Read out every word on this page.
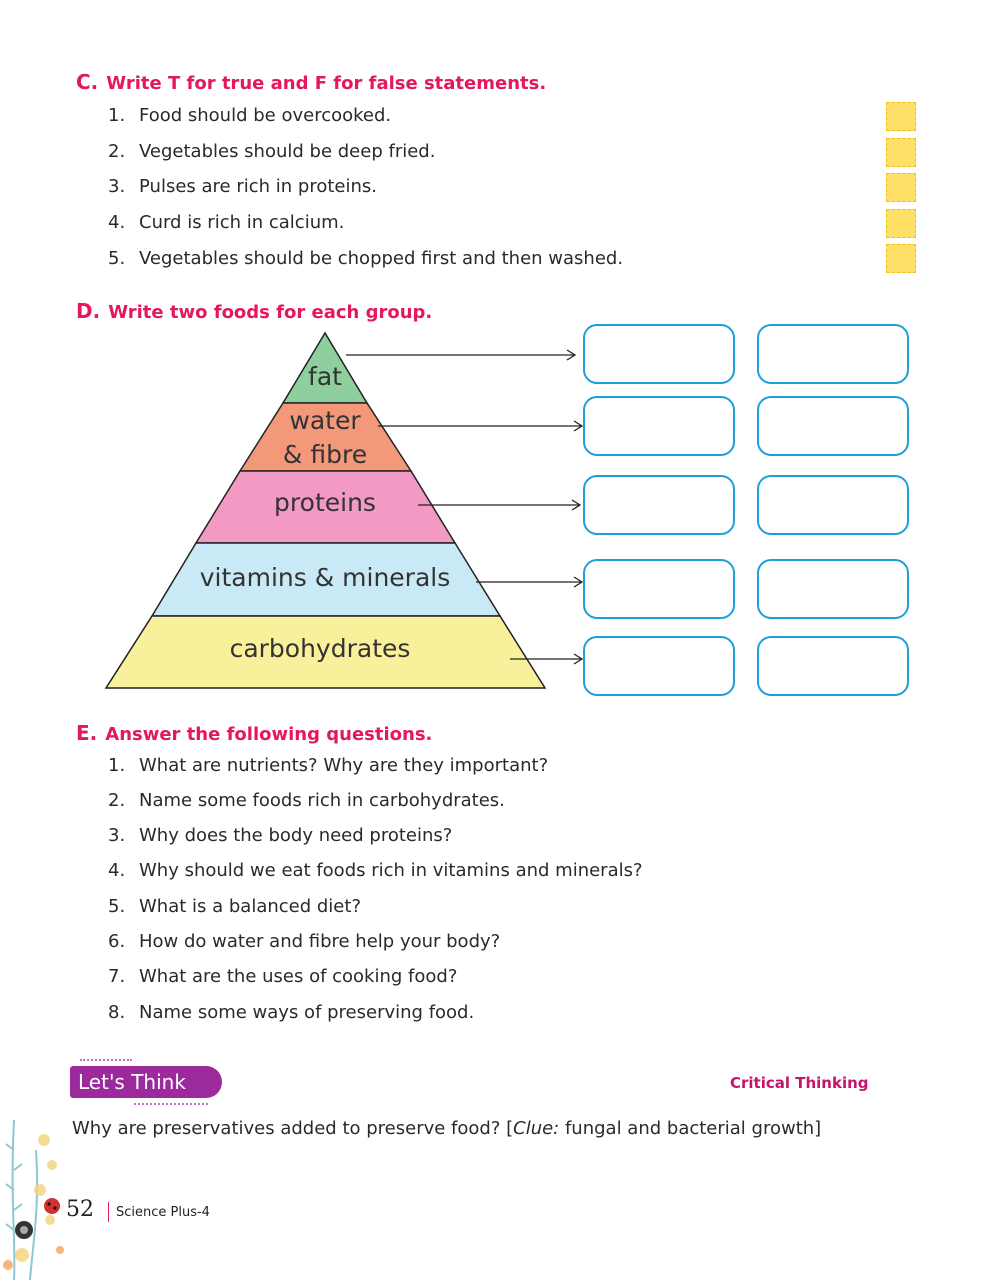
C. Write T for true and F for false statements.
1. Food should be overcooked.
2. Vegetables should be deep fried.
3. Pulses are rich in proteins.
4. Curd is rich in calcium.
5. Vegetables should be chopped first and then washed.
D. Write two foods for each group.
fat
water
& fibre
proteins
vitamins & minerals
carbohydrates
E. Answer the following questions.
1. What are nutrients? Why are they important?
2. Name some foods rich in carbohydrates.
3. Why does the body need proteins?
4. Why should we eat foods rich in vitamins and minerals?
5. What is a balanced diet?
6. How do water and fibre help your body?
7. What are the uses of cooking food?
8. Name some ways of preserving food.
Let's Think	Critical Thinking
Why are preservatives added to preserve food? [Clue: fungal and bacterial growth]
52 Science Plus-4
